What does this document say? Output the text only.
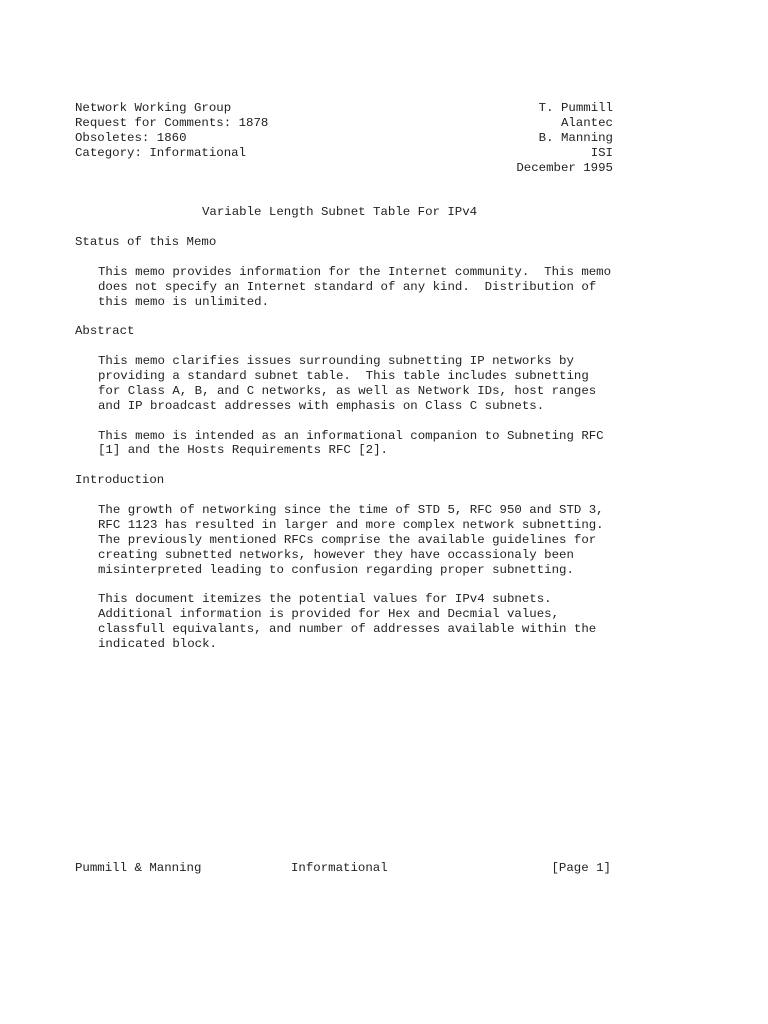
Network Working Group	T. Pummill
Request for Comments: 1878	Alantec
Obsoletes: 1860	B. Manning
Category: Informational	ISI
December 1995
Variable Length Subnet Table For IPv4
Status of this Memo
This memo provides information for the Internet community.  This memo
does not specify an Internet standard of any kind.  Distribution of
this memo is unlimited.
Abstract
This memo clarifies issues surrounding subnetting IP networks by
providing a standard subnet table.  This table includes subnetting
for Class A, B, and C networks, as well as Network IDs, host ranges
and IP broadcast addresses with emphasis on Class C subnets.
This memo is intended as an informational companion to Subneting RFC
[1] and the Hosts Requirements RFC [2].
Introduction
The growth of networking since the time of STD 5, RFC 950 and STD 3,
RFC 1123 has resulted in larger and more complex network subnetting.
The previously mentioned RFCs comprise the available guidelines for
creating subnetted networks, however they have occassionaly been
misinterpreted leading to confusion regarding proper subnetting.
This document itemizes the potential values for IPv4 subnets.
Additional information is provided for Hex and Decmial values,
classfull equivalants, and number of addresses available within the
indicated block.
Pummill & Manning	Informational	[Page 1]
